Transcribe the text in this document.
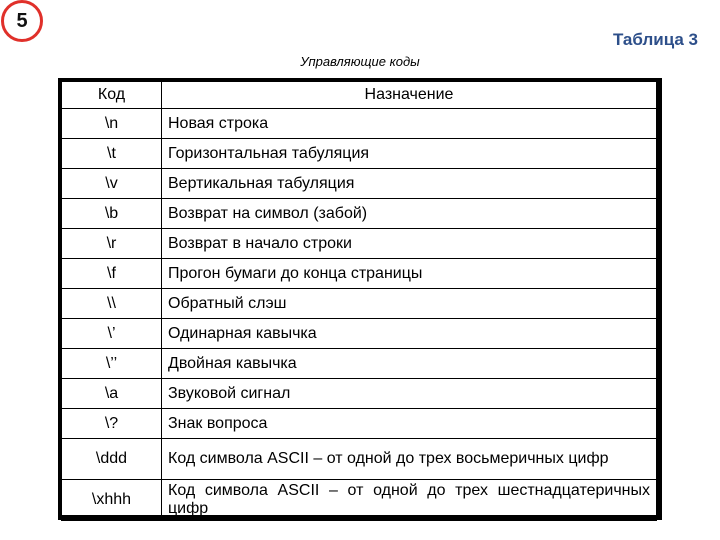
5
Таблица 3
Управляющие коды
Код	Назначение
\n	Новая строка
\t	Горизонтальная табуляция
\v	Вертикальная табуляция
\b	Возврат на символ (забой)
\r	Возврат в начало строки
\f	Прогон бумаги до конца страницы
\\	Обратный слэш
\’	Одинарная кавычка
\’’	Двойная кавычка
\a	Звуковой сигнал
\?	Знак вопроса
\ddd	Код символа ASCII – от одной до трех восьмеричных цифр
\xhhh	Код символа ASCII – от одной до трех шестнадцатеричных цифр
